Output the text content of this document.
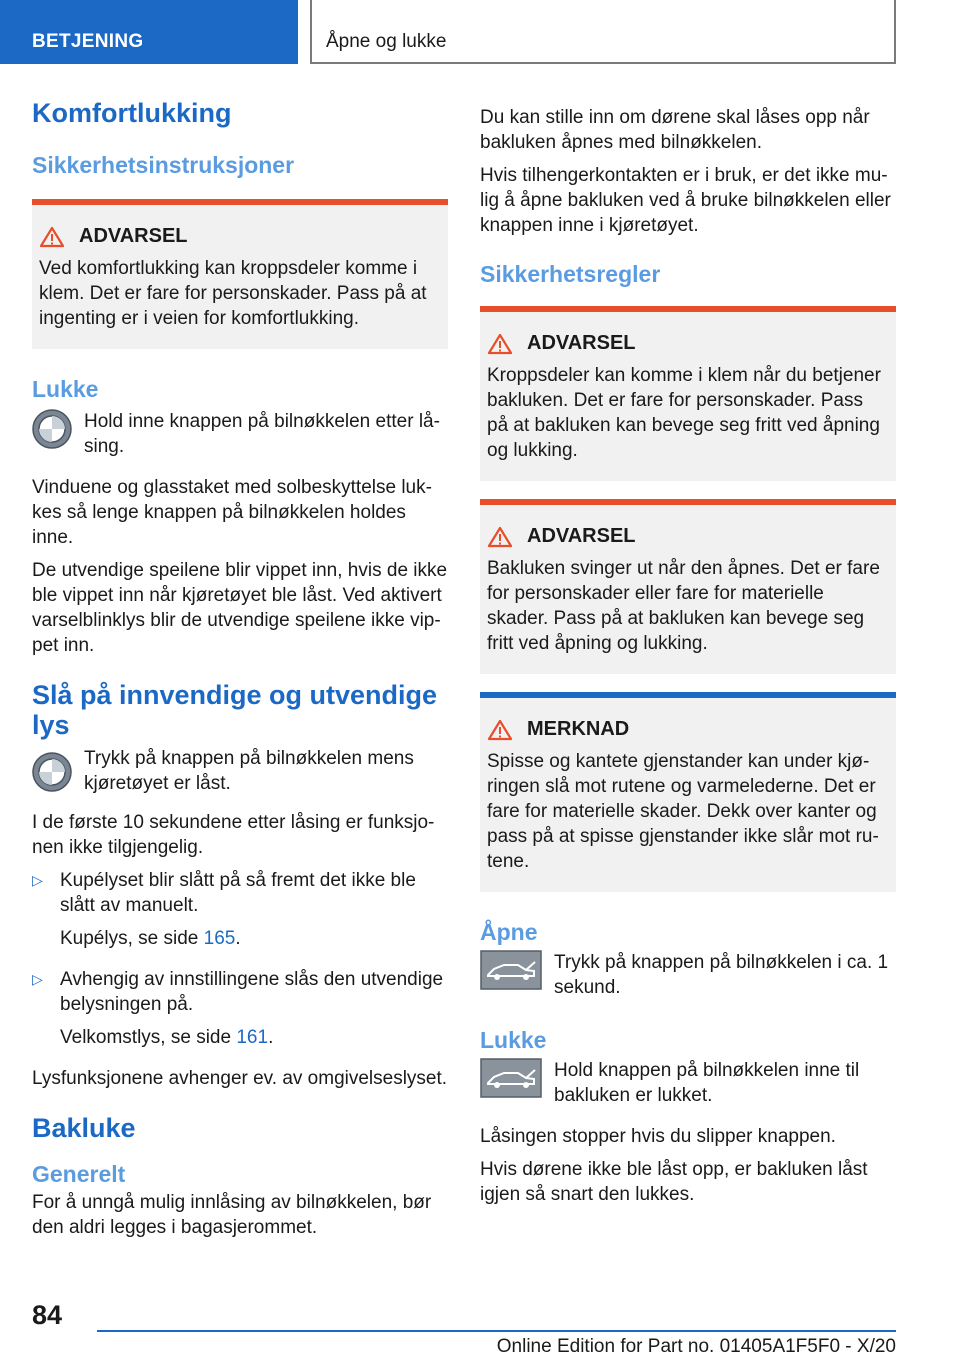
BETJENING	Åpne og lukke
Komfortlukking
Sikkerhetsinstruksjoner
ADVARSEL

Ved komfortlukking kan kroppsdeler komme i klem. Det er fare for personskader. Pass på at ingenting er i veien for komfortlukking.

Lukke

Hold inne knappen på bilnøkkelen etter lå-sing.

Vinduene og glasstaket med solbeskyttelse luk-kes så lenge knappen på bilnøkkelen holdes inne.

De utvendige speilene blir vippet inn, hvis de ikke ble vippet inn når kjøretøyet ble låst. Ved aktivert varselblinklys blir de utvendige speilene ikke vip-pet inn.

Slå på innvendige og utvendige lys

Trykk på knappen på bilnøkkelen mens kjøretøyet er låst.

I de første 10 sekundene etter låsing er funksjo-nen ikke tilgjengelig.

▷ Kupélyset blir slått på så fremt det ikke ble slått av manuelt.

Kupélys, se side 165.

▷ Avhengig av innstillingene slås den utvendige belysningen på.

Velkomstlys, se side 161.

Lysfunksjonene avhenger ev. av omgivelseslyset.

Bakluke
Generelt

For å unngå mulig innlåsing av bilnøkkelen, bør den aldri legges i bagasjerommet.

Du kan stille inn om dørene skal låses opp når bakluken åpnes med bilnøkkelen.

Hvis tilhengerkontakten er i bruk, er det ikke mu-lig å åpne bakluken ved å bruke bilnøkkelen eller knappen inne i kjøretøyet.

Sikkerhetsregler
ADVARSEL

Kroppsdeler kan komme i klem når du betjener bakluken. Det er fare for personskader. Pass på at bakluken kan bevege seg fritt ved åpning og lukking.

ADVARSEL

Bakluken svinger ut når den åpnes. Det er fare for personskader eller fare for materielle skader. Pass på at bakluken kan bevege seg fritt ved åpning og lukking.

MERKNAD

Spisse og kantete gjenstander kan under kjø-ringen slå mot rutene og varmelederne. Det er fare for materielle skader. Dekk over kanter og pass på at spisse gjenstander ikke slår mot ru-tene.

Åpne

Trykk på knappen på bilnøkkelen i ca. 1 sekund.

Lukke

Hold knappen på bilnøkkelen inne til bakluken er lukket.

Låsingen stopper hvis du slipper knappen.

Hvis dørene ikke ble låst opp, er bakluken låst igjen så snart den lukkes.

84
Online Edition for Part no. 01405A1F5F0 - X/20
